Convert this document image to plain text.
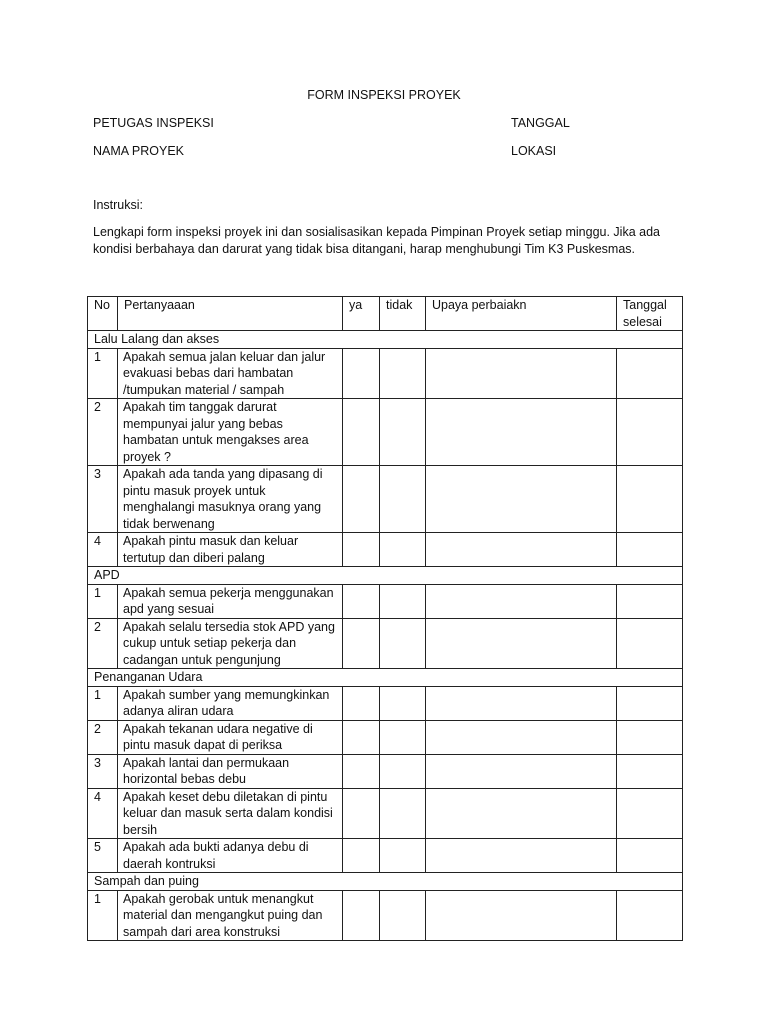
FORM INSPEKSI PROYEK
PETUGAS INSPEKSI	TANGGAL
NAMA PROYEK	LOKASI
Instruksi:
Lengkapi form inspeksi proyek ini dan sosialisasikan kepada Pimpinan Proyek setiap minggu. Jika ada kondisi berbahaya dan darurat yang tidak bisa ditangani, harap menghubungi Tim K3 Puskesmas.
No	Pertanyaaan	ya	tidak	Upaya perbaiakn	Tanggal selesai
Lalu Lalang dan akses					
1	Apakah semua jalan keluar dan jalur evakuasi bebas dari hambatan /tumpukan material / sampah				
2	Apakah tim tanggak darurat mempunyai jalur yang bebas hambatan untuk mengakses area proyek ?				
3	Apakah ada tanda yang dipasang di pintu masuk proyek untuk menghalangi masuknya orang yang tidak berwenang				
4	Apakah pintu masuk dan keluar tertutup dan diberi palang				
APD					
1	Apakah semua pekerja menggunakan apd yang sesuai				
2	Apakah selalu tersedia stok APD yang cukup untuk setiap pekerja dan cadangan untuk pengunjung				
Penanganan Udara					
1	Apakah sumber yang memungkinkan adanya aliran udara				
2	Apakah tekanan udara negative di pintu masuk dapat di periksa				
3	Apakah lantai dan permukaan horizontal bebas debu				
4	Apakah keset debu diletakan di pintu keluar dan masuk serta dalam kondisi bersih				
5	Apakah ada bukti adanya debu di daerah kontruksi				
Sampah dan puing					
1	Apakah gerobak untuk menangkut material dan mengangkut puing dan sampah dari area konstruksi				
